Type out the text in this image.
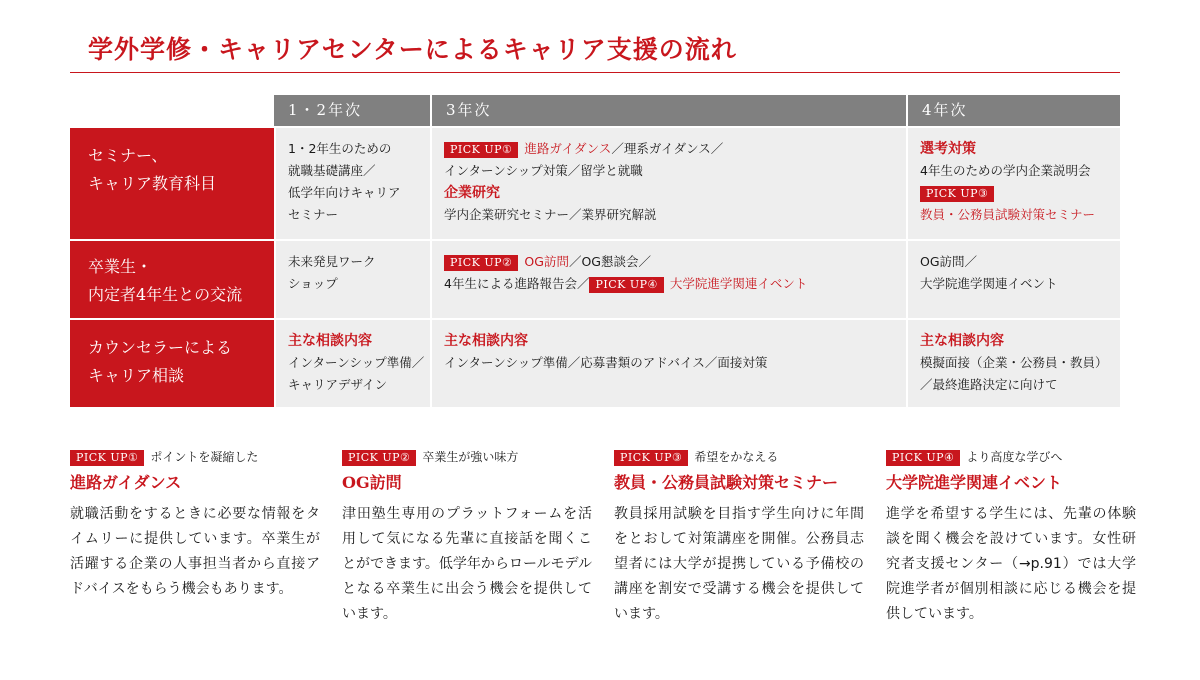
学外学修・キャリアセンターによるキャリア支援の流れ
1・2年次	3年次	4年次
セミナー、
キャリア教育科目
1・2年生のための
就職基礎講座／
低学年向けキャリア
セミナー
PICK UP① 進路ガイダンス／理系ガイダンス／
インターンシップ対策／留学と就職
企業研究
学内企業研究セミナー／業界研究解説
選考対策
4年生のための学内企業説明会
PICK UP③
教員・公務員試験対策セミナー
卒業生・
内定者4年生との交流
未来発見ワーク
ショップ
PICK UP② OG訪問／OG懇談会／
4年生による進路報告会／ PICK UP④ 大学院進学関連イベント
OG訪問／
大学院進学関連イベント
カウンセラーによる
キャリア相談
主な相談内容
インターンシップ準備／
キャリアデザイン
主な相談内容
インターンシップ準備／応募書類のアドバイス／面接対策
主な相談内容
模擬面接（企業・公務員・教員）
／最終進路決定に向けて
PICK UP① ポイントを凝縮した
進路ガイダンス
就職活動をするときに必要な情報をタイムリーに提供しています。卒業生が活躍する企業の人事担当者から直接アドバイスをもらう機会もあります。
PICK UP② 卒業生が強い味方
OG訪問
津田塾生専用のプラットフォームを活用して気になる先輩に直接話を聞くことができます。低学年からロールモデルとなる卒業生に出会う機会を提供しています。
PICK UP③ 希望をかなえる
教員・公務員試験対策セミナー
教員採用試験を目指す学生向けに年間をとおして対策講座を開催。公務員志望者には大学が提携している予備校の講座を割安で受講する機会を提供しています。
PICK UP④ より高度な学びへ
大学院進学関連イベント
進学を希望する学生には、先輩の体験談を聞く機会を設けています。女性研究者支援センター（→p.91）では大学院進学者が個別相談に応じる機会を提供しています。
